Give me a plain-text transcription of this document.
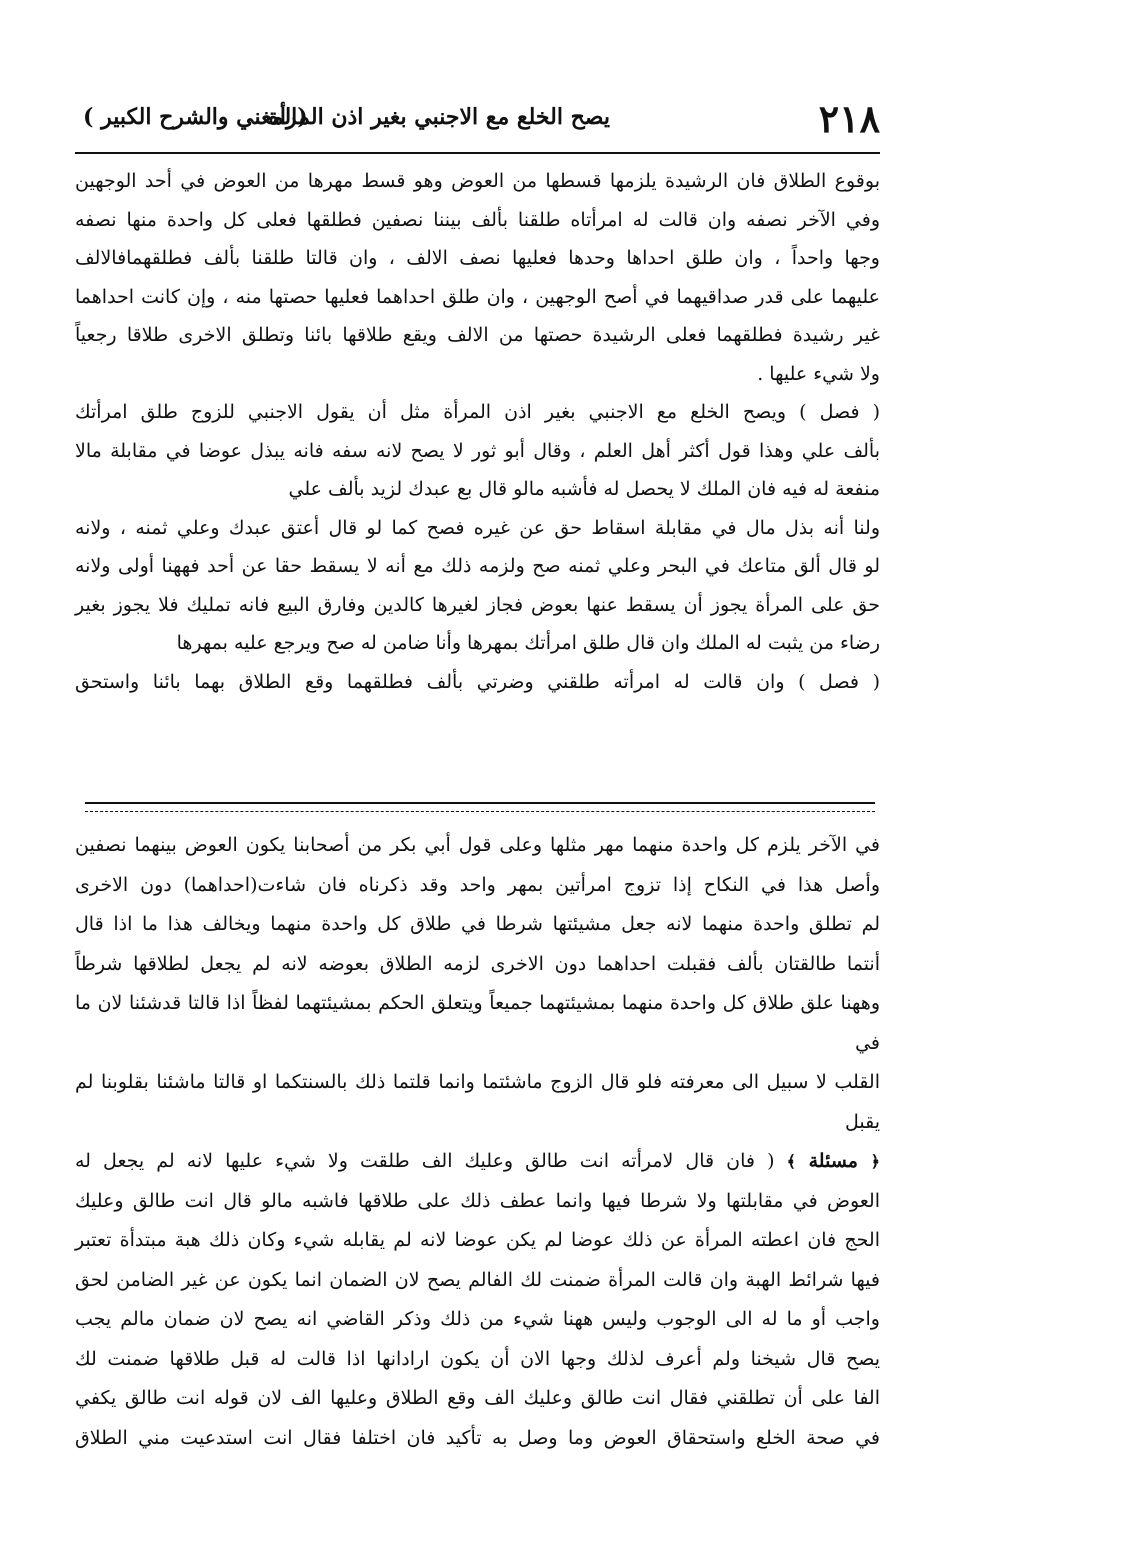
٢١٨
يصح الخلع مع الاجنبي بغير اذن المرأة
(المغني والشرح الكبير )

بوقوع الطلاق فان الرشيدة يلزمها قسطها من العوض وهو قسط مهرها من العوض في أحد الوجهين

وفي الآخر نصفه وان قالت له امرأتاه طلقنا بألف بيننا نصفين فطلقها فعلى كل واحدة منها نصفه

وجها واحداً ، وان طلق احداها وحدها فعليها نصف الالف ، وان قالتا طلقنا بألف فطلقهمافالالف

عليهما على قدر صداقيهما في أصح الوجهين ، وان طلق احداهما فعليها حصتها منه ، وإن كانت احداهما

غير رشيدة فطلقهما فعلى الرشيدة حصتها من الالف ويقع طلاقها بائنا وتطلق الاخرى طلاقا رجعياً

ولا شيء عليها .

( فصل ) ويصح الخلع مع الاجنبي بغير اذن المرأة مثل أن يقول الاجنبي للزوج طلق امرأتك

بألف علي وهذا قول أكثر أهل العلم ، وقال أبو ثور لا يصح لانه سفه فانه يبذل عوضا في مقابلة مالا

منفعة له فيه فان الملك لا يحصل له فأشبه مالو قال بع عبدك لزيد بألف علي

ولنا أنه بذل مال في مقابلة اسقاط حق عن غيره فصح كما لو قال أعتق عبدك وعلي ثمنه ، ولانه

لو قال ألق متاعك في البحر وعلي ثمنه صح ولزمه ذلك مع أنه لا يسقط حقا عن أحد فههنا أولى ولانه

حق على المرأة يجوز أن يسقط عنها بعوض فجاز لغيرها كالدين وفارق البيع فانه تمليك فلا يجوز بغير

رضاء من يثبت له الملك وان قال طلق امرأتك بمهرها وأنا ضامن له صح ويرجع عليه بمهرها

( فصل ) وان قالت له امرأته طلقني وضرتي بألف فطلقهما وقع الطلاق بهما بائنا واستحق

في الآخر يلزم كل واحدة منهما مهر مثلها وعلى قول أبي بكر من أصحابنا يكون العوض بينهما نصفين

وأصل هذا في النكاح إذا تزوج امرأتين بمهر واحد وقد ذكرناه فان شاءت(احداهما) دون الاخرى

لم تطلق واحدة منهما لانه جعل مشيئتها شرطا في طلاق كل واحدة منهما ويخالف هذا ما اذا قال

أنتما طالقتان بألف فقبلت احداهما دون الاخرى لزمه الطلاق بعوضه لانه لم يجعل لطلاقها شرطاً

وههنا علق طلاق كل واحدة منهما بمشيئتهما جميعاً ويتعلق الحكم بمشيئتهما لفظاً اذا قالتا قدشئنا لان ما في

القلب لا سبيل الى معرفته فلو قال الزوج ماشئتما وانما قلتما ذلك بالسنتكما او قالتا ماشئنا بقلوبنا لم يقبل

﴿ مسئلة ﴾ ( فان قال لامرأته انت طالق وعليك الف طلقت ولا شيء عليها لانه لم يجعل له

العوض في مقابلتها ولا شرطا فيها وانما عطف ذلك على طلاقها فاشبه مالو قال انت طالق وعليك

الحج فان اعطته المرأة عن ذلك عوضا لم يكن عوضا لانه لم يقابله شيء وكان ذلك هبة مبتدأة تعتبر

فيها شرائط الهبة وان قالت المرأة ضمنت لك الفالم يصح لان الضمان انما يكون عن غير الضامن لحق

واجب أو ما له الى الوجوب وليس ههنا شيء من ذلك وذكر القاضي انه يصح لان ضمان مالم يجب

يصح قال شيخنا ولم أعرف لذلك وجها الان أن يكون ارادانها اذا قالت له قبل طلاقها ضمنت لك

الفا على أن تطلقني فقال انت طالق وعليك الف وقع الطلاق وعليها الف لان قوله انت طالق يكفي

في صحة الخلع واستحقاق العوض وما وصل به تأكيد فان اختلفا فقال انت استدعيت مني الطلاق
